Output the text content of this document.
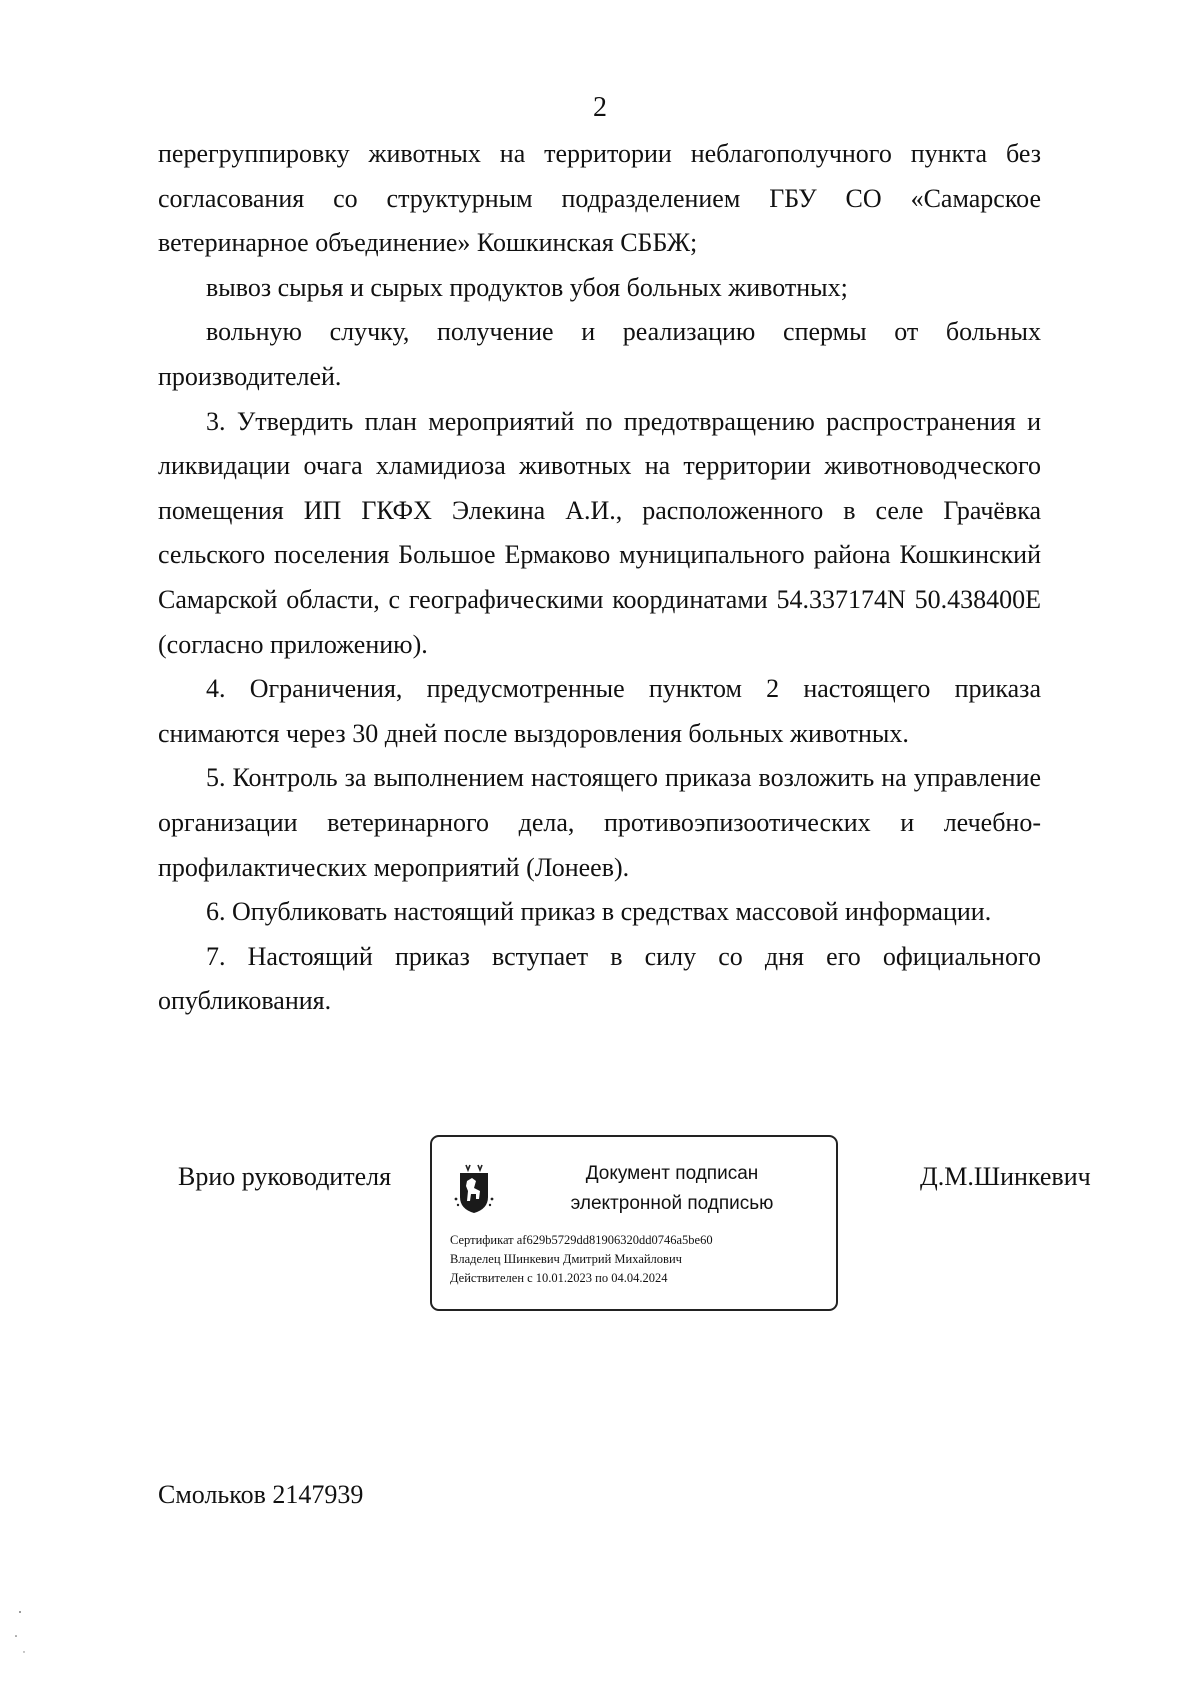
2

перегруппировку животных на территории неблагополучного пункта без согласования со структурным подразделением ГБУ СО «Самарское ветеринарное объединение» Кошкинская СББЖ;

вывоз сырья и сырых продуктов убоя больных животных;

вольную случку, получение и реализацию спермы от больных производителей.

3. Утвердить план мероприятий по предотвращению распространения и ликвидации очага хламидиоза животных на территории животноводческого помещения ИП ГКФХ Элекина А.И., расположенного в селе Грачёвка сельского поселения Большое Ермаково муниципального района Кошкинский Самарской области, с географическими координатами 54.337174N 50.438400E (согласно приложению).

4. Ограничения, предусмотренные пунктом 2 настоящего приказа снимаются через 30 дней после выздоровления больных животных.

5. Контроль за выполнением настоящего приказа возложить на управление организации ветеринарного дела, противоэпизоотических и лечебно-профилактических мероприятий (Лонеев).

6. Опубликовать настоящий приказ в средствах массовой информации.

7. Настоящий приказ вступает в силу со дня его официального опубликования.

Врио руководителя	Документ подписан
электронной подписью
Сертификат af629b5729dd81906320dd0746a5be60
Владелец Шинкевич Дмитрий Михайлович
Действителен с 10.01.2023 по 04.04.2024
Д.М.Шинкевич
Смольков 2147939
